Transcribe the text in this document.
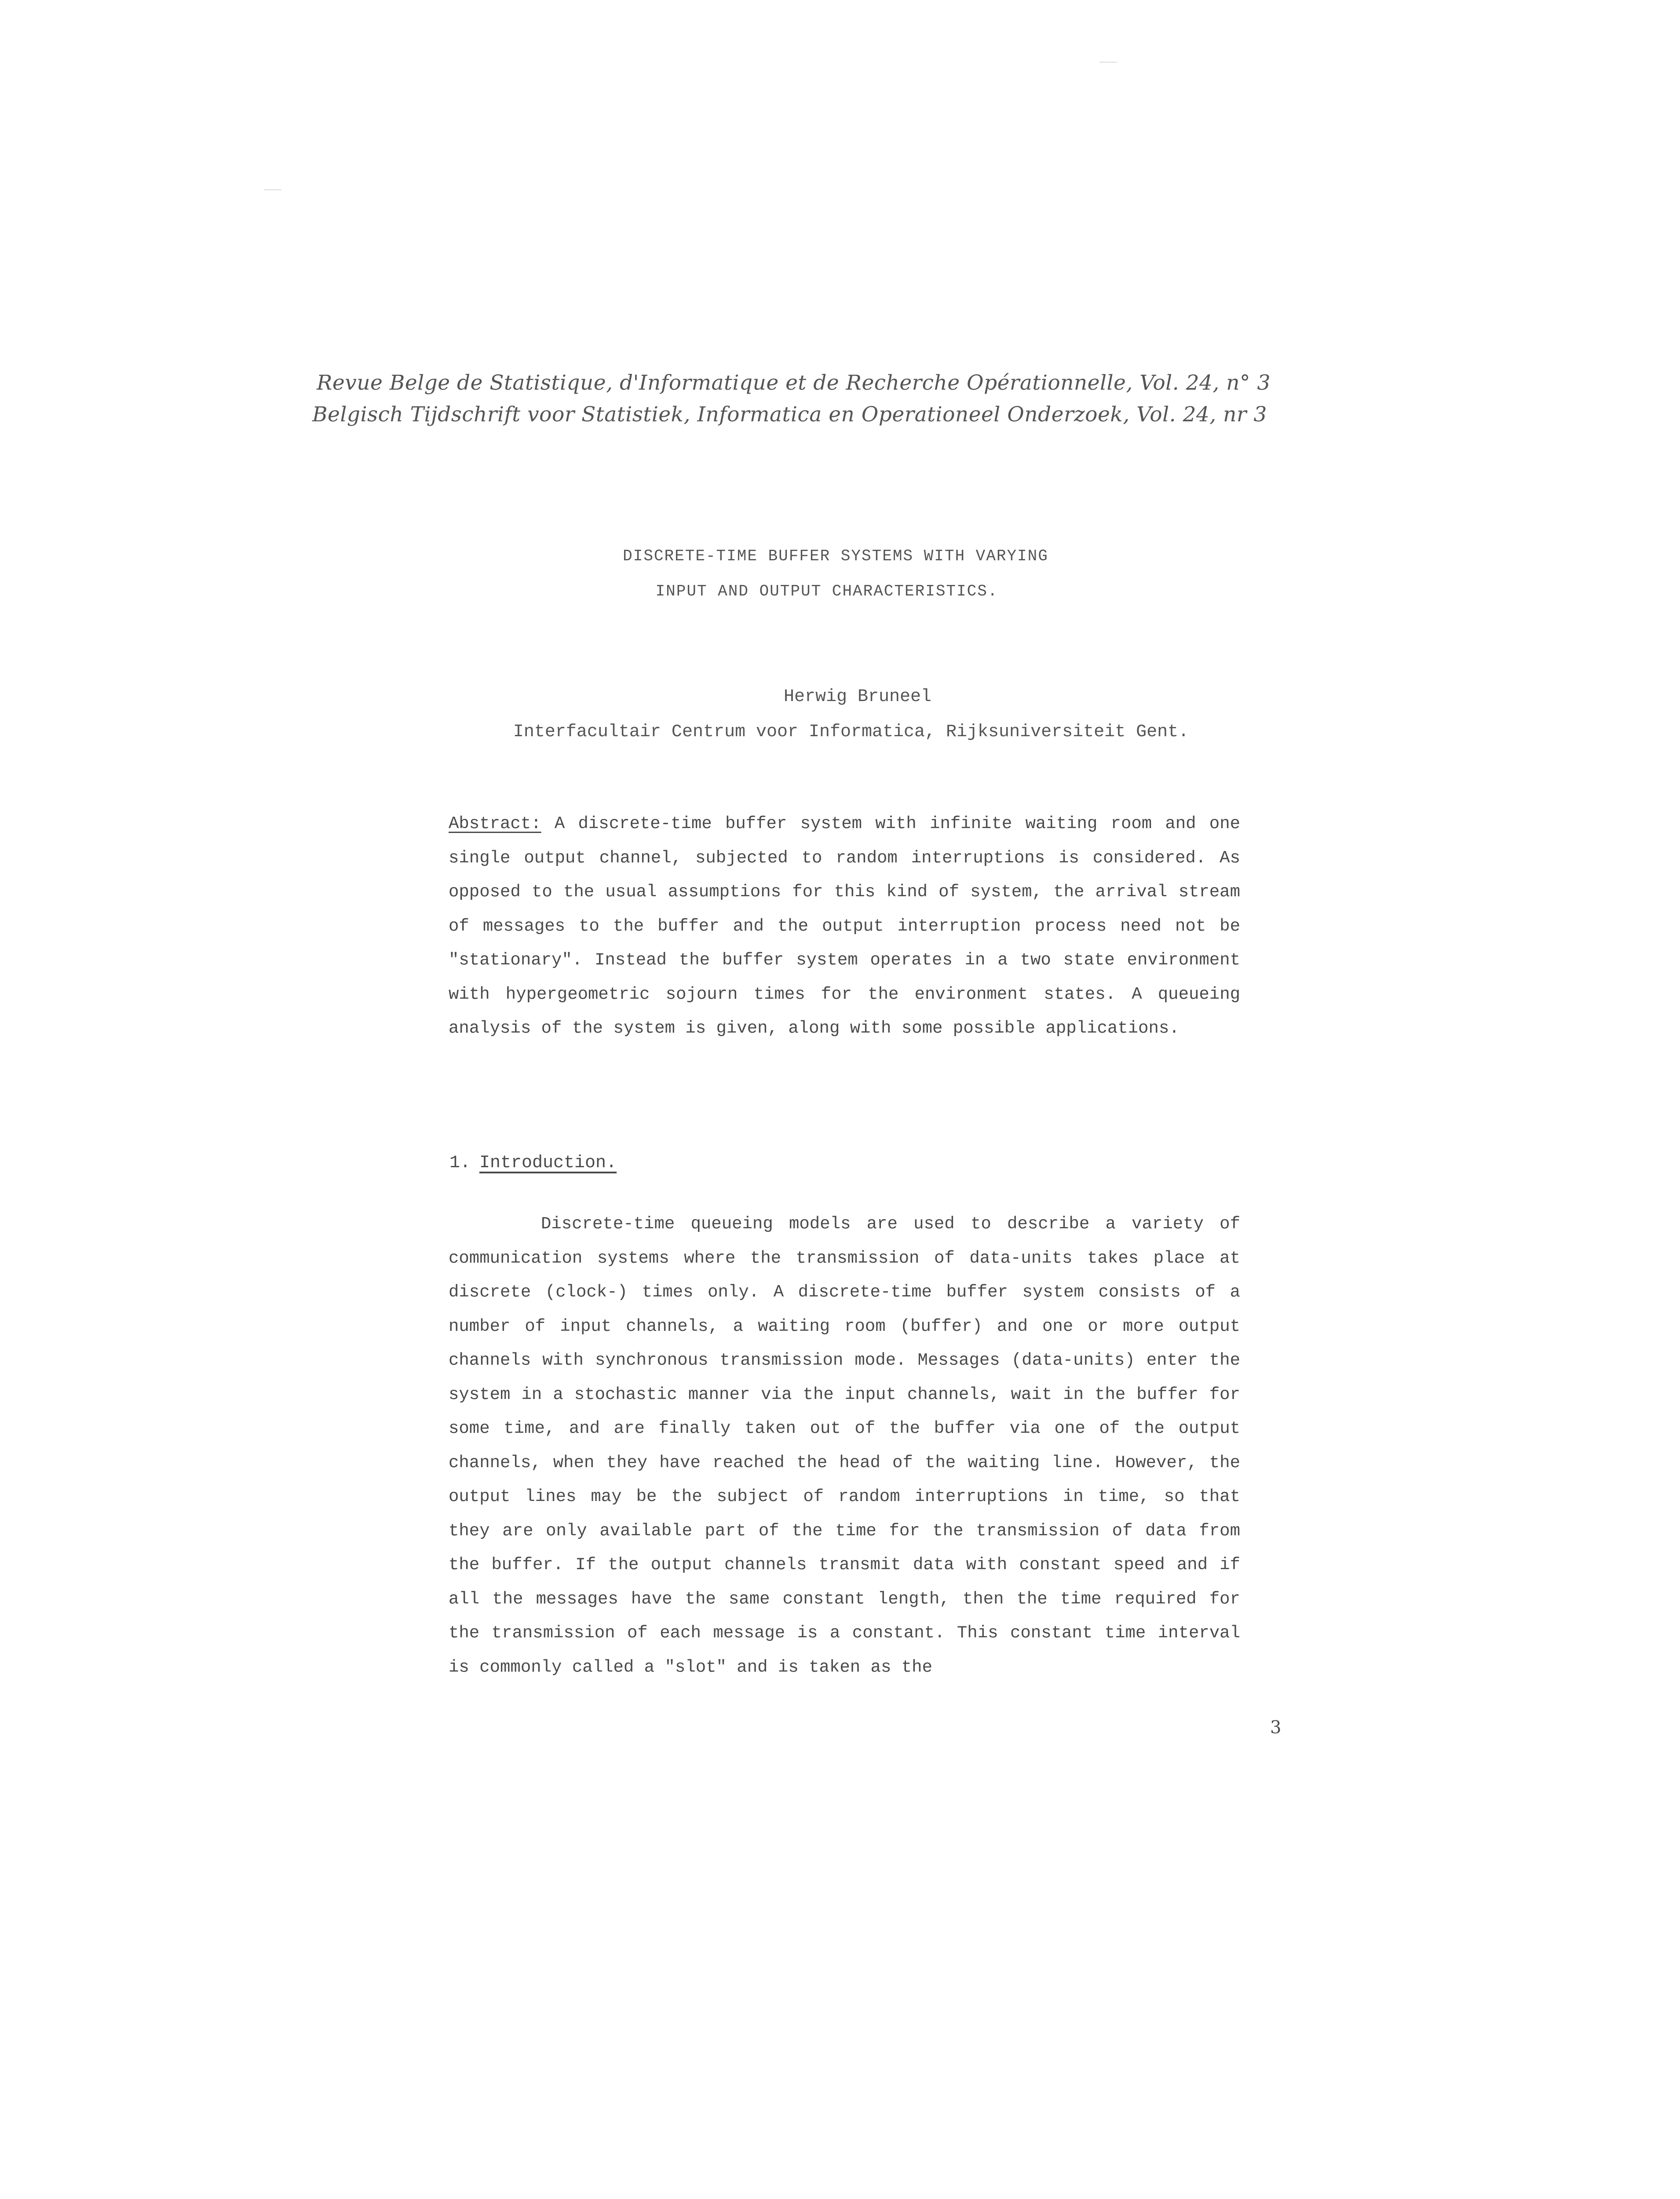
Revue Belge de Statistique, d'Informatique et de Recherche Opérationnelle, Vol. 24, n° 3
Belgisch Tijdschrift voor Statistiek, Informatica en Operationeel Onderzoek, Vol. 24, nr 3
DISCRETE-TIME BUFFER SYSTEMS WITH VARYING
INPUT AND OUTPUT CHARACTERISTICS.
Herwig Bruneel
Interfacultair Centrum voor Informatica, Rijksuniversiteit Gent.
Abstract: A discrete-time buffer system with infinite waiting room and one single output channel, subjected to random interruptions is considered. As opposed to the usual assumptions for this kind of system, the arrival stream of messages to the buffer and the output interruption process need not be "stationary". Instead the buffer system operates in a two state environment with hypergeometric sojourn times for the environment states. A queueing analysis of the system is given, along with some possible applications.
1. Introduction.
Discrete-time queueing models are used to describe a variety of communication systems where the transmission of data-units takes place at discrete (clock-) times only. A discrete-time buffer system consists of a number of input channels, a waiting room (buffer) and one or more output channels with synchronous transmission mode. Messages (data-units) enter the system in a stochastic manner via the input channels, wait in the buffer for some time, and are finally taken out of the buffer via one of the output channels, when they have reached the head of the waiting line. However, the output lines may be the subject of random interruptions in time, so that they are only available part of the time for the transmission of data from the buffer. If the output channels transmit data with constant speed and if all the messages have the same constant length, then the time required for the transmission of each message is a constant. This constant time interval is commonly called a "slot" and is taken as the
3
